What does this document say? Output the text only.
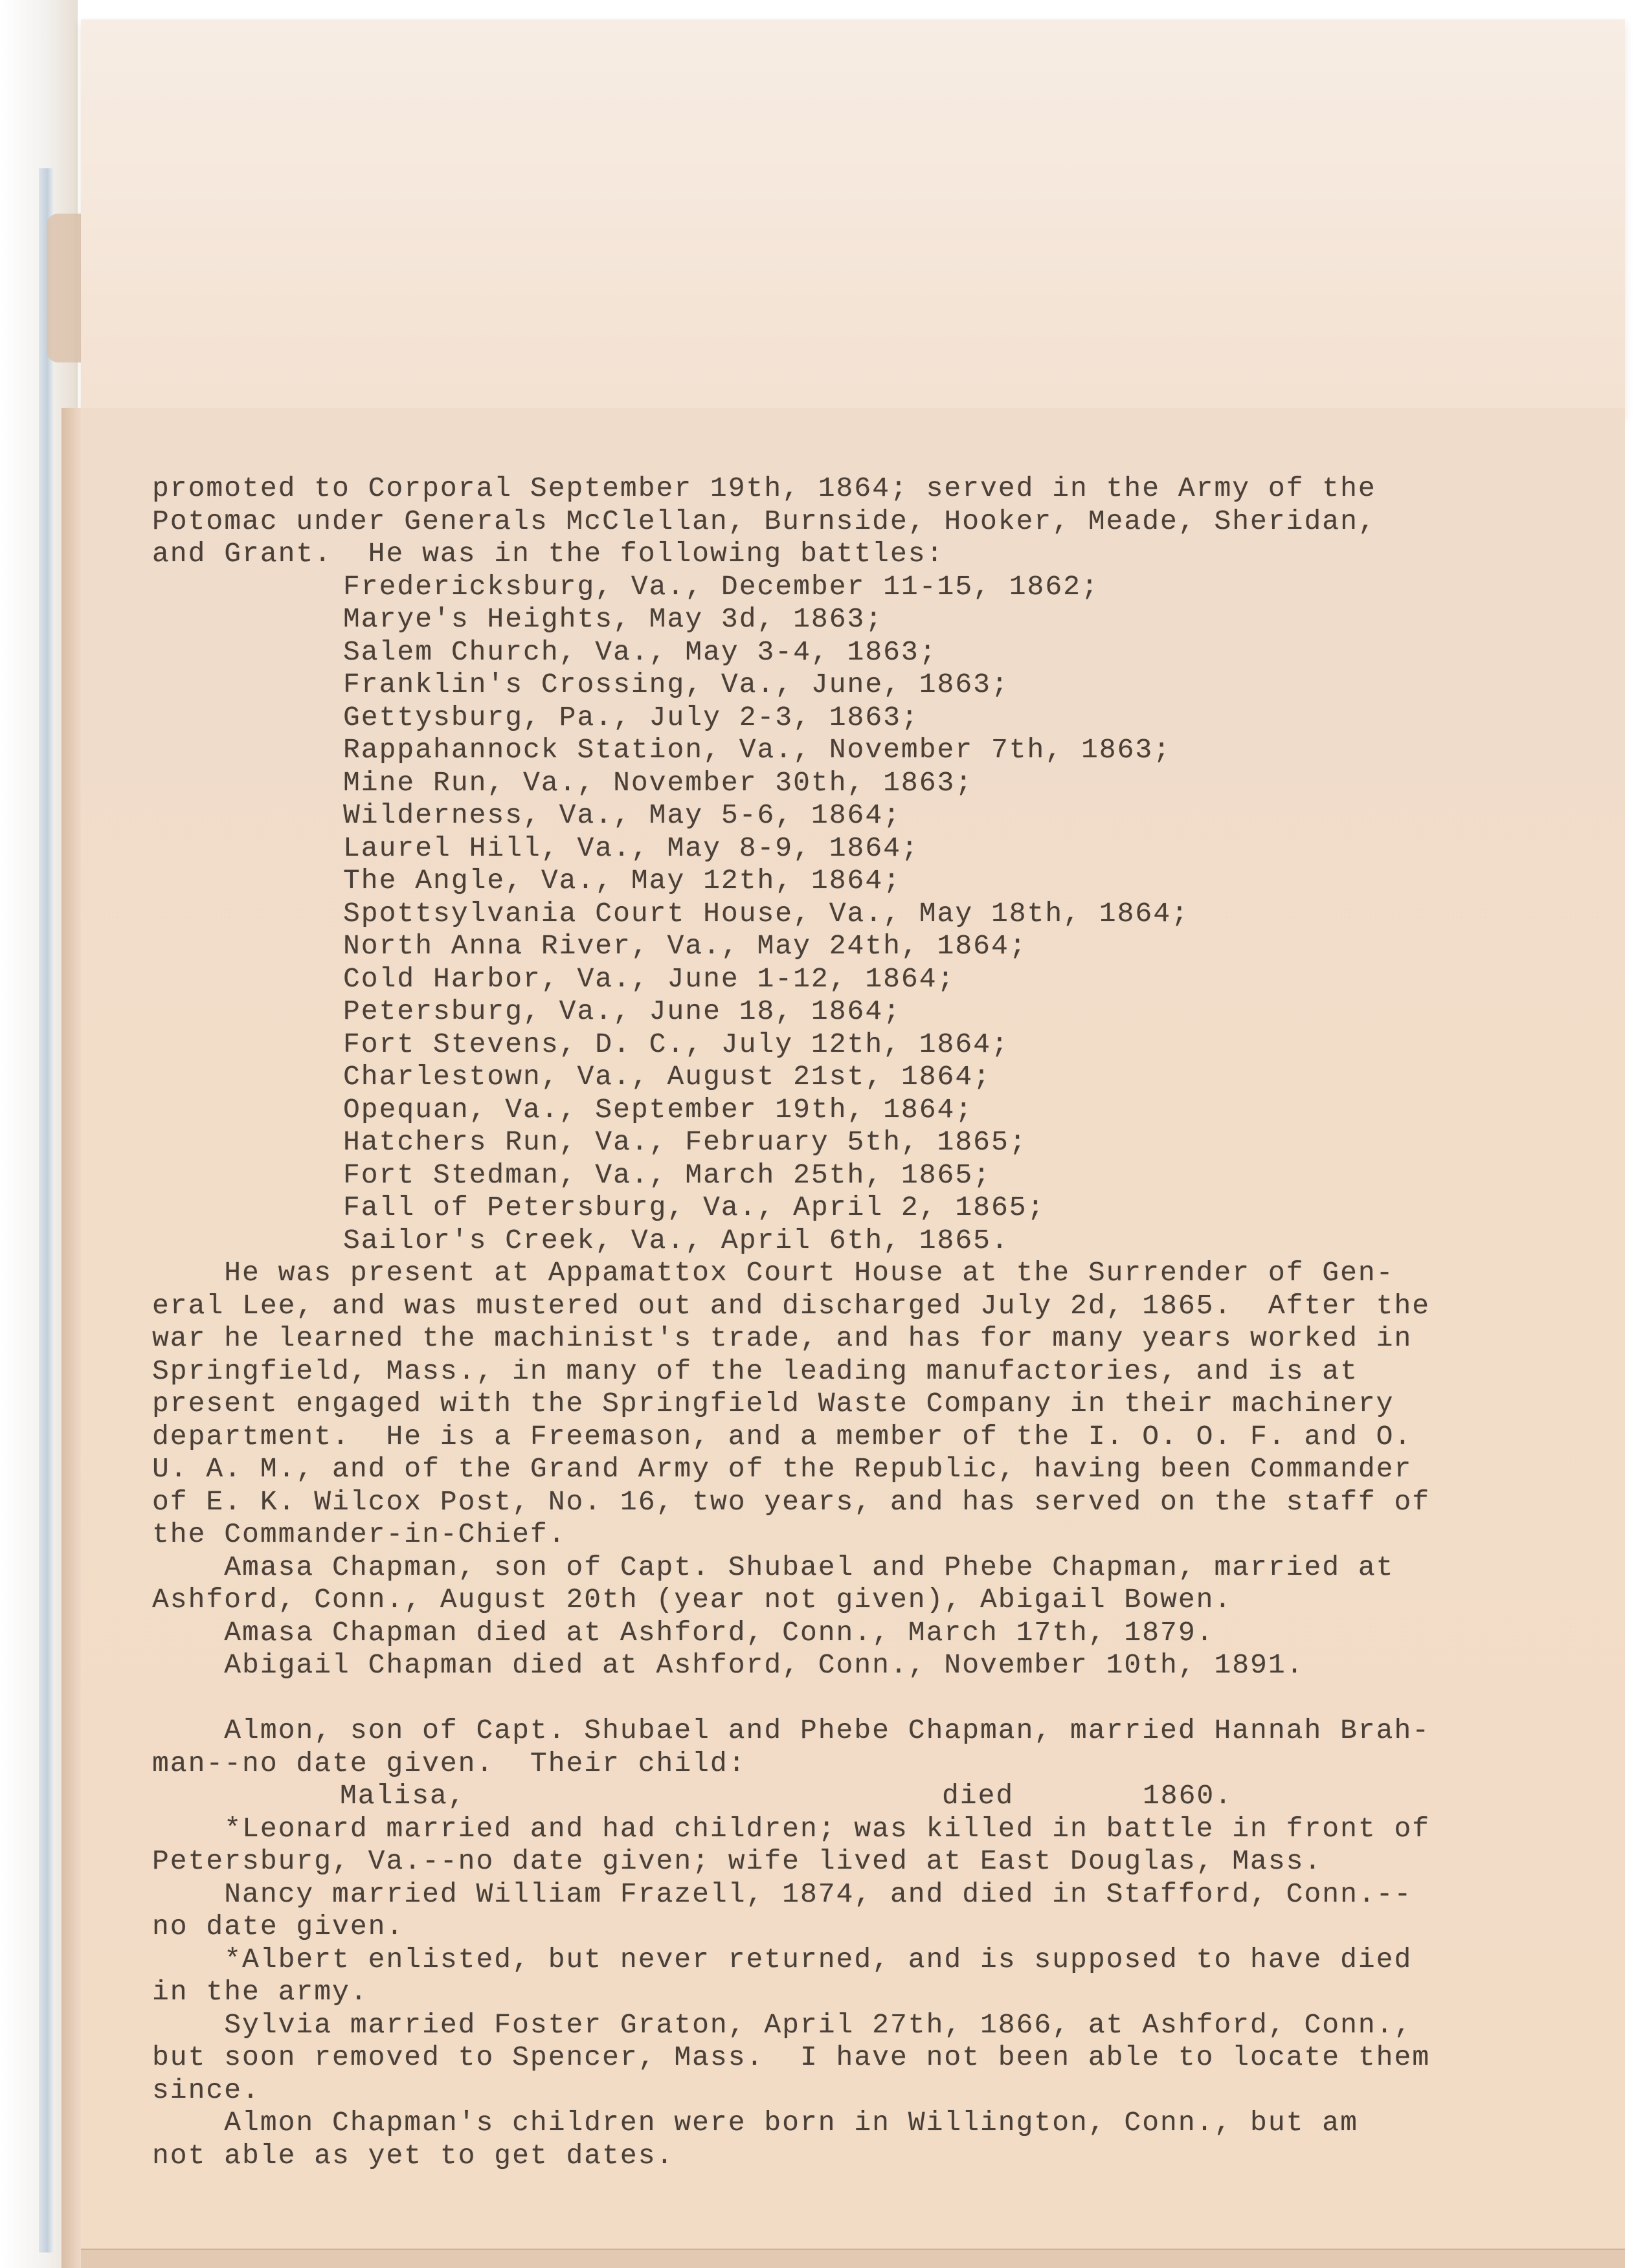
promoted to Corporal September 19th, 1864; served in the Army of the
Potomac under Generals McClellan, Burnside, Hooker, Meade, Sheridan,
and Grant.  He was in the following battles:
Fredericksburg, Va., December 11-15, 1862;
Marye's Heights, May 3d, 1863;
Salem Church, Va., May 3-4, 1863;
Franklin's Crossing, Va., June, 1863;
Gettysburg, Pa., July 2-3, 1863;
Rappahannock Station, Va., November 7th, 1863;
Mine Run, Va., November 30th, 1863;
Wilderness, Va., May 5-6, 1864;
Laurel Hill, Va., May 8-9, 1864;
The Angle, Va., May 12th, 1864;
Spottsylvania Court House, Va., May 18th, 1864;
North Anna River, Va., May 24th, 1864;
Cold Harbor, Va., June 1-12, 1864;
Petersburg, Va., June 18, 1864;
Fort Stevens, D. C., July 12th, 1864;
Charlestown, Va., August 21st, 1864;
Opequan, Va., September 19th, 1864;
Hatchers Run, Va., February 5th, 1865;
Fort Stedman, Va., March 25th, 1865;
Fall of Petersburg, Va., April 2, 1865;
Sailor's Creek, Va., April 6th, 1865.
He was present at Appamattox Court House at the Surrender of Gen-
eral Lee, and was mustered out and discharged July 2d, 1865.  After the
war he learned the machinist's trade, and has for many years worked in
Springfield, Mass., in many of the leading manufactories, and is at
present engaged with the Springfield Waste Company in their machinery
department.  He is a Freemason, and a member of the I. O. O. F. and O.
U. A. M., and of the Grand Army of the Republic, having been Commander
of E. K. Wilcox Post, No. 16, two years, and has served on the staff of
the Commander-in-Chief.
Amasa Chapman, son of Capt. Shubael and Phebe Chapman, married at
Ashford, Conn., August 20th (year not given), Abigail Bowen.
Amasa Chapman died at Ashford, Conn., March 17th, 1879.
Abigail Chapman died at Ashford, Conn., November 10th, 1891.
Almon, son of Capt. Shubael and Phebe Chapman, married Hannah Brah-
man--no date given.  Their child:
Malisa,	died	1860.
*Leonard married and had children; was killed in battle in front of
Petersburg, Va.--no date given; wife lived at East Douglas, Mass.
Nancy married William Frazell, 1874, and died in Stafford, Conn.--
no date given.
*Albert enlisted, but never returned, and is supposed to have died
in the army.
Sylvia married Foster Graton, April 27th, 1866, at Ashford, Conn.,
but soon removed to Spencer, Mass.  I have not been able to locate them
since.
Almon Chapman's children were born in Willington, Conn., but am
not able as yet to get dates.
